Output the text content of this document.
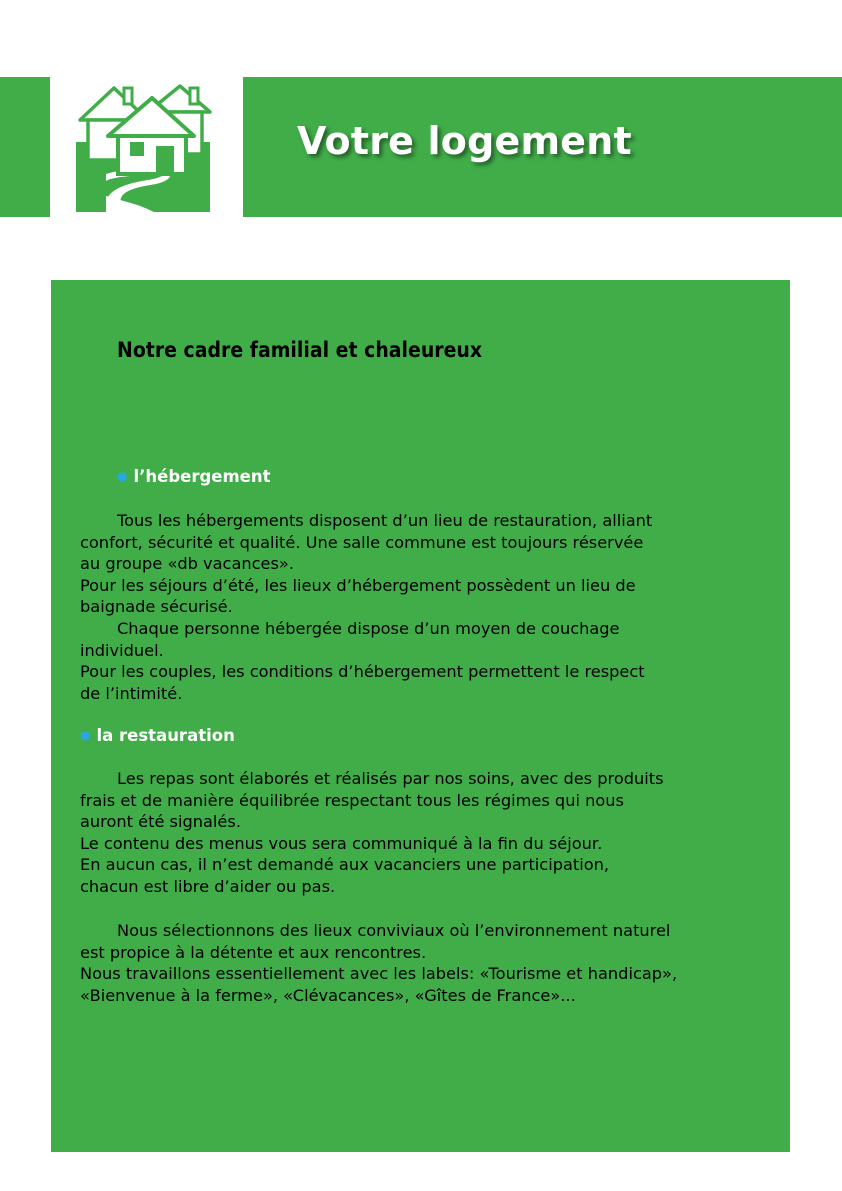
Votre logement
Notre cadre familial et chaleureux
● l’hébergement
Tous les hébergements disposent d’un lieu de restauration, alliant
confort, sécurité et qualité. Une salle commune est toujours réservée
au groupe «db vacances».
Pour les séjours d’été, les lieux d’hébergement possèdent un lieu de
baignade sécurisé.
Chaque personne hébergée dispose d’un moyen de couchage
individuel.
Pour les couples, les conditions d’hébergement permettent le respect
de l’intimité.
● la restauration
Les repas sont élaborés et réalisés par nos soins, avec des produits
frais et de manière équilibrée respectant tous les régimes qui nous
auront été signalés.
Le contenu des menus vous sera communiqué à la fin du séjour.
En aucun cas, il n’est demandé aux vacanciers une participation,
chacun est libre d’aider ou pas.
Nous sélectionnons des lieux conviviaux où l’environnement naturel
est propice à la détente et aux rencontres.
Nous travaillons essentiellement avec les labels: «Tourisme et handicap»,
«Bienvenue à la ferme», «Clévacances», «Gîtes de France»...
